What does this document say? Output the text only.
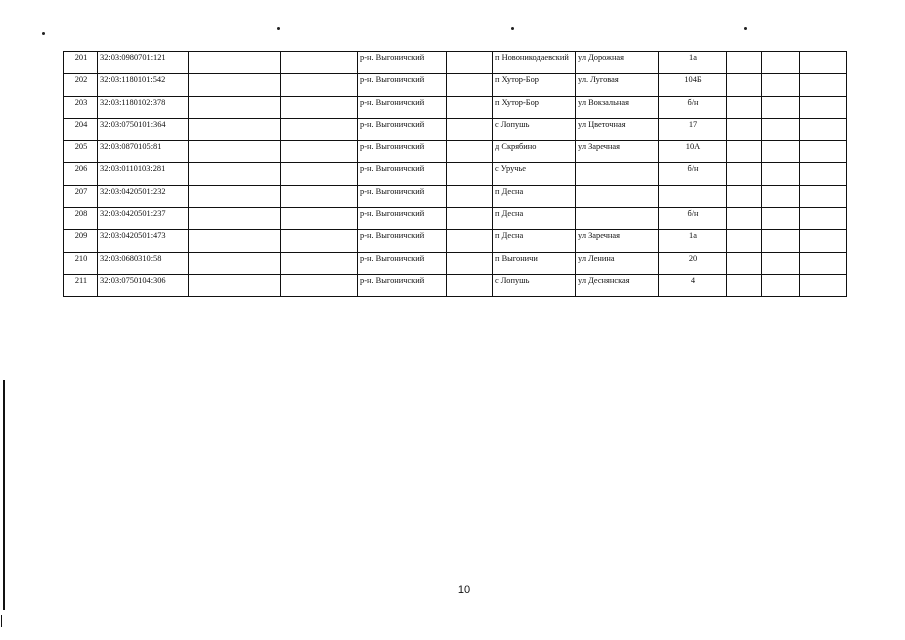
201	32:03:0980701:121			р-н. Выгоничский		п Новоникодаевский	ул Дорожная	1а			
202	32:03:1180101:542			р-н. Выгоничский		п Хутор-Бор	ул. Луговая	104Б			
203	32:03:1180102:378			р-н. Выгоничский		п Хутор-Бор	ул Вокзальная	б/н			
204	32:03:0750101:364			р-н. Выгоничский		с Лопушь	ул Цветочная	17			
205	32:03:0870105:81			р-н. Выгоничский		д Скрябино	ул Заречная	10А			
206	32:03:0110103:281			р-н. Выгоничский		с Уручье		б/н			
207	32:03:0420501:232			р-н. Выгоничский		п Десна					
208	32:03:0420501:237			р-н. Выгоничский		п Десна		б/н			
209	32:03:0420501:473			р-н. Выгоничский		п Десна	ул Заречная	1а			
210	32:03:0680310:58			р-н. Выгоничский		п Выгоничи	ул Ленина	20			
211	32:03:0750104:306			р-н. Выгоничский		с Лопушь	ул Деснянская	4			
10
